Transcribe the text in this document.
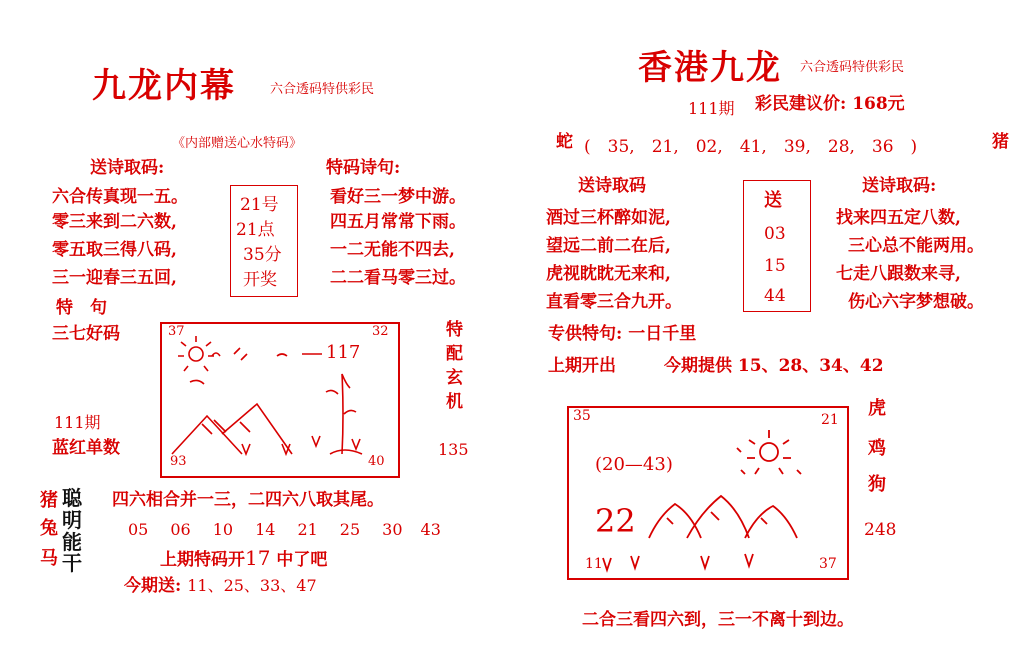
九龙内幕	六合透码特供彩民
《内部赠送心水特码》
送诗取码:	特码诗句:
六合传真现一五。
零三来到二六数,
零五取三得八码,
三一迎春三五回,
看好三一梦中游。
四五月常常下雨。
一二无能不四去,
二二看马零三过。
21号
21点
35分
开奖
特　句
三七好码
111期
蓝红单数
特
配
玄
机
135
37	32
93	40
117
猪
兔
马
聪
明
能
干
四六相合并一三，二四六八取其尾。
05 06 10 14 21 25 30 43
上期特码开17 中了吧
今期送: 11、25、33、47
香港九龙 六合透码特供彩民
111期 彩民建议价: 168元
蛇 (　35,　21,　02,　41,　39,　28,　36　)	猪
送诗取码	送诗取码:
酒过三杯醉如泥,
望远二前二在后,
虎视眈眈无来和,
直看零三合九开。
找来四五定八数,
三心总不能两用。
七走八跟数来寻,
伤心六字梦想破。
送
03
15
44
专供特句: 一日千里
上期开出	今期提供 15、28、34、42
35	21
11	37
(20—43)
22
虎
鸡
狗
248
二合三看四六到，三一不离十到边。
